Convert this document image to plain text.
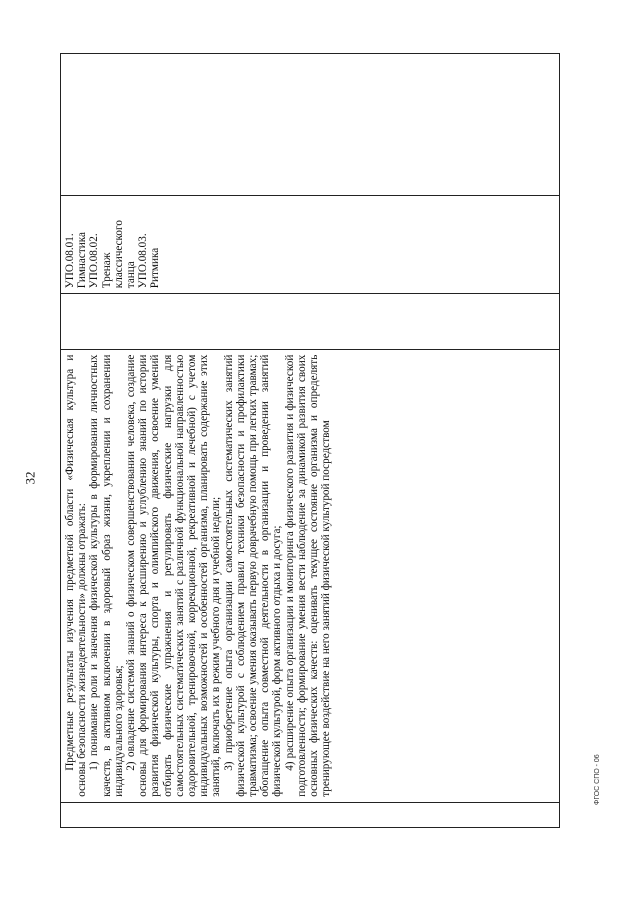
32
	Предметные результаты изучения предметной области «Физическая культура и основы безопасности жизнедеятельности» должны отражать: 1) понимание роли и значения физической культуры в формировании личностных качеств, в активном включении в здоровый образ жизни, укреплении и сохранении индивидуального здоровья; 2) овладение системой знаний о физическом совершенствовании человека, создание основы для формирования интереса к расширению и углублению знаний по истории развития физической культуры, спорта и олимпийского движения, освоение умений отбирать физические упражнения и регулировать физические нагрузки для самостоятельных систематических занятий с различной функциональной направленностью оздоровительной, тренировочной, коррекционной, рекреативной и лечебной) с учетом индивидуальных возможностей и особенностей организма, планировать содержание этих занятий, включать их в режим учебного дня и учебной недели; 3) приобретение опыта организации самостоятельных систематических занятий физической культурой с соблюдением правил техники безопасности и профилактики травматизма; освоение умения оказывать первую доврачебную помощь при легких травмах; обогащение опыта совместной деятельности в организации и проведении занятий физической культурой, форм активного отдыха и досуга; 4) расширение опыта организации и мониторинга физического развития и физической подготовленности; формирование умения вести наблюдение за динамикой развития своих основных физических качеств: оценивать текущее состояние организма и определять тренирующее воздействие на него занятий физической культурой посредством

УПО.08.01. Гимнастика УПО.08.02. Тренаж классического танца УПО.08.03. Ритмика

ФГОС СПО - 06
